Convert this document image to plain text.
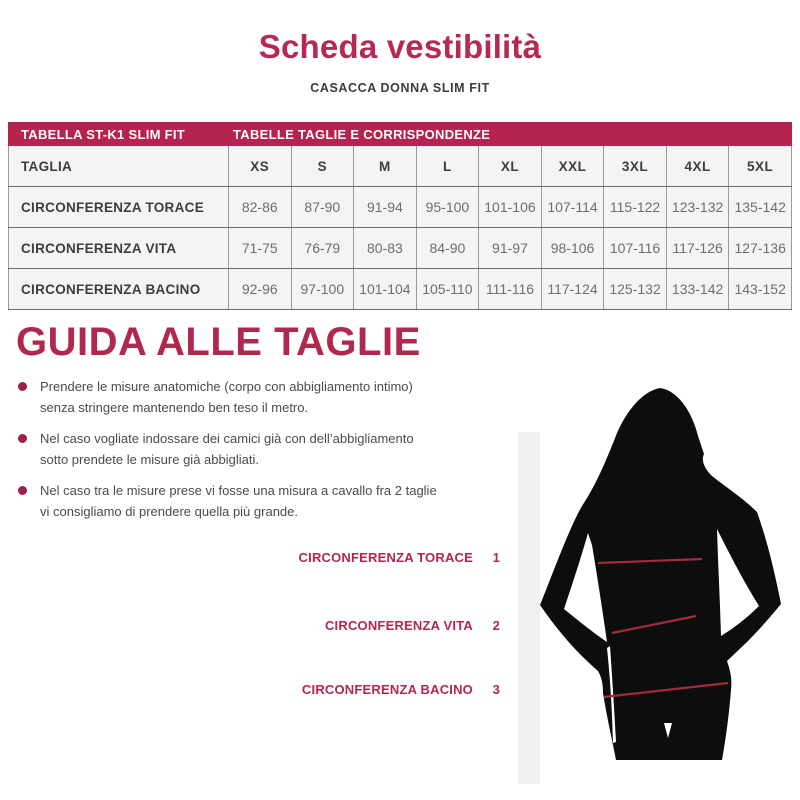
Scheda vestibilità
CASACCA DONNA SLIM FIT
TABELLA ST-K1 SLIM FIT	TABELLE TAGLIE E CORRISPONDENZE								
TAGLIA	XS	S	M	L	XL	XXL	3XL	4XL	5XL
CIRCONFERENZA TORACE	82-86	87-90	91-94	95-100	101-106	107-114	115-122	123-132	135-142
CIRCONFERENZA VITA	71-75	76-79	80-83	84-90	91-97	98-106	107-116	117-126	127-136
CIRCONFERENZA BACINO	92-96	97-100	101-104	105-110	111-116	117-124	125-132	133-142	143-152
GUIDA ALLE TAGLIE
Prendere le misure anatomiche (corpo con abbigliamento intimo)
senza stringere mantenendo ben teso il metro.
Nel caso vogliate indossare dei camici già con dell’abbigliamento
sotto prendete le misure già abbigliati.
Nel caso tra le misure prese vi fosse una misura a cavallo fra 2 taglie
vi consigliamo di prendere quella più grande.
CIRCONFERENZA TORACE 1
CIRCONFERENZA VITA 2
CIRCONFERENZA BACINO 3
